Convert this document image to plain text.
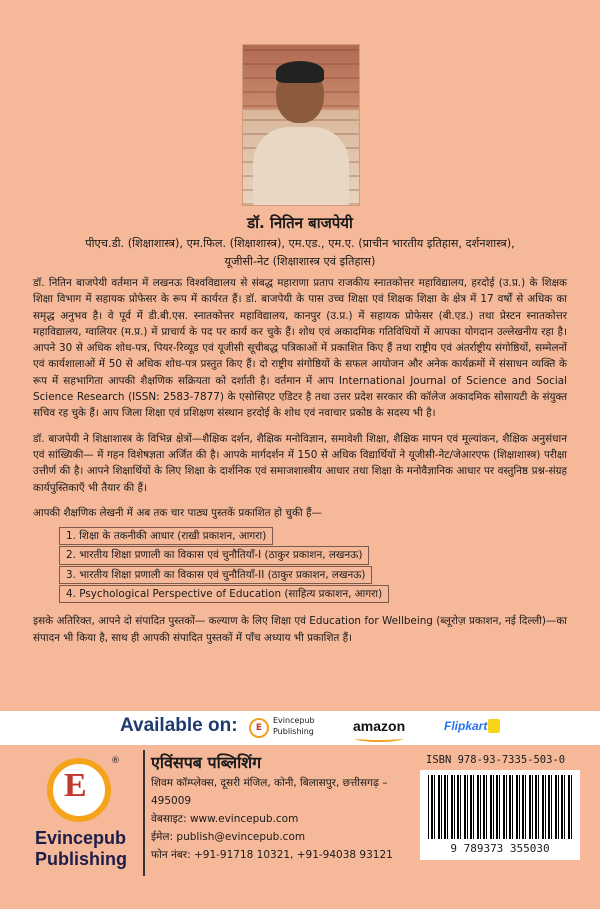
डॉ. नितिन बाजपेयी
पीएच.डी. (शिक्षाशास्त्र), एम.फिल. (शिक्षाशास्त्र), एम.एड., एम.ए. (प्राचीन भारतीय इतिहास, दर्शनशास्त्र),
यूजीसी-नेट (शिक्षाशास्त्र एवं इतिहास)

डॉ. नितिन बाजपेयी वर्तमान में लखनऊ विश्वविद्यालय से संबद्ध महाराणा प्रताप राजकीय स्नातकोत्तर महाविद्यालय, हरदोई (उ.प्र.) के शिक्षक शिक्षा विभाग में सहायक प्रोफेसर के रूप में कार्यरत हैं। डॉ. बाजपेयी के पास उच्च शिक्षा एवं शिक्षक शिक्षा के क्षेत्र में 17 वर्षों से अधिक का समृद्ध अनुभव है। वे पूर्व में डी.बी.एस. स्नातकोत्तर महाविद्यालय, कानपुर (उ.प्र.) में सहायक प्रोफेसर (बी.एड.) तथा प्रेस्टन स्नातकोत्तर महाविद्यालय, ग्वालियर (म.प्र.) में प्राचार्य के पद पर कार्य कर चुके हैं। शोध एवं अकादमिक गतिविधियों में आपका योगदान उल्लेखनीय रहा है। आपने 30 से अधिक शोध-पत्र, पियर-रिव्यूड एवं यूजीसी सूचीबद्ध पत्रिकाओं में प्रकाशित किए हैं तथा राष्ट्रीय एवं अंतर्राष्ट्रीय संगोष्ठियों, सम्मेलनों एवं कार्यशालाओं में 50 से अधिक शोध-पत्र प्रस्तुत किए हैं। दो राष्ट्रीय संगोष्ठियों के सफल आयोजन और अनेक कार्यक्रमों में संसाधन व्यक्ति के रूप में सहभागिता आपकी शैक्षणिक सक्रियता को दर्शाती है। वर्तमान में आप International Journal of Science and Social Science Research (ISSN: 2583-7877) के एसोसिएट एडिटर है तथा उत्तर प्रदेश सरकार की कॉलेज अकादमिक सोसायटी के संयुक्त सचिव रह चुके हैं। आप जिला शिक्षा एवं प्रशिक्षण संस्थान हरदोई के शोध एवं नवाचार प्रकोष्ठ के सदस्य भी है।

डॉ. बाजपेयी ने शिक्षाशास्त्र के विभिन्न क्षेत्रों—शैक्षिक दर्शन, शैक्षिक मनोविज्ञान, समावेशी शिक्षा, शैक्षिक मापन एवं मूल्यांकन, शैक्षिक अनुसंधान एवं सांख्यिकी— में गहन विशेषज्ञता अर्जित की है। आपके मार्गदर्शन में 150 से अधिक विद्यार्थियों ने यूजीसी-नेट/जेआरएफ (शिक्षाशास्त्र) परीक्षा उत्तीर्ण की है। आपने शिक्षार्थियों के लिए शिक्षा के दार्शनिक एवं समाजशास्त्रीय आधार तथा शिक्षा के मनोवैज्ञानिक आधार पर वस्तुनिष्ठ प्रश्न-संग्रह कार्यपुस्तिकाएँ भी तैयार की हैं।

आपकी शैक्षणिक लेखनी में अब तक चार पाठ्य पुस्तकें प्रकाशित हो चुकी हैं—

1. शिक्षा के तकनीकी आधार (राखी प्रकाशन, आगरा)
2. भारतीय शिक्षा प्रणाली का विकास एवं चुनौतियाँ-I (ठाकुर प्रकाशन, लखनऊ)
3. भारतीय शिक्षा प्रणाली का विकास एवं चुनौतियाँ-II (ठाकुर प्रकाशन, लखनऊ)
4. Psychological Perspective of Education (साहित्य प्रकाशन, आगरा)

इसके अतिरिक्त, आपने दो संपादित पुस्तकों— कल्याण के लिए शिक्षा एवं Education for Wellbeing (ब्लूरोज़ प्रकाशन, नई दिल्ली)—का संपादन भी किया है, साथ ही आपकी संपादित पुस्तकों में पाँच अध्याय भी प्रकाशित हैं।

Available on:	E
Evincepub
Publishing	amazon	Flipkart
E
®
Evincepub
Publishing
एविंसपब पब्लिशिंग
शिवम कॉम्प्लेक्स, दूसरी मंजिल, कोनी, बिलासपुर, छत्तीसगढ़ – 495009
वेबसाइट: www.evincepub.com
ईमेल: publish@evincepub.com
फोन नंबर: +91-91718 10321, +91-94038 93121
ISBN 978-93-7335-503-0
9 789373 355030
